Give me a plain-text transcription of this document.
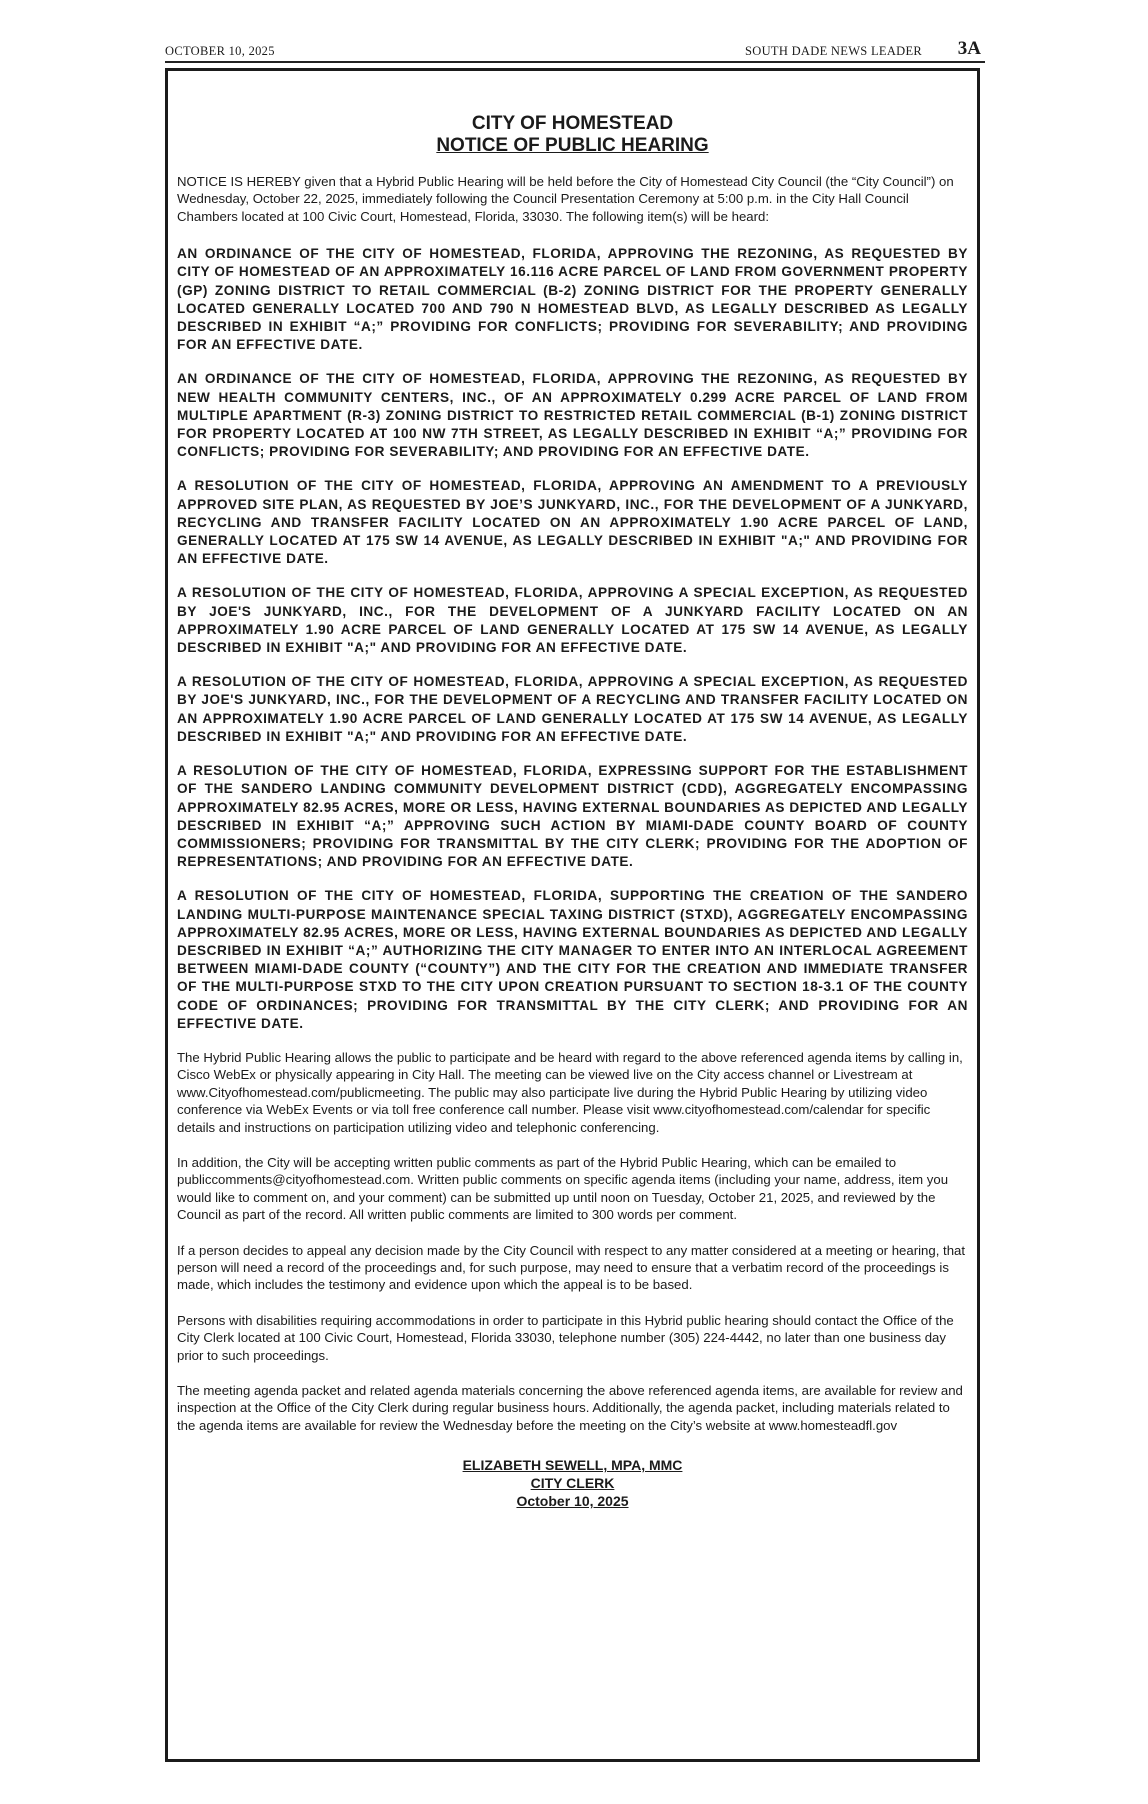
OCTOBER 10, 2025	SOUTH DADE NEWS LEADER 3A
CITY OF HOMESTEAD
NOTICE OF PUBLIC HEARING

NOTICE IS HEREBY given that a Hybrid Public Hearing will be held before the City of Homestead City Council (the “City Council”) on Wednesday, October 22, 2025, immediately following the Council Presentation Ceremony at 5:00 p.m. in the City Hall Council Chambers located at 100 Civic Court, Homestead, Florida, 33030. The following item(s) will be heard:

AN ORDINANCE OF THE CITY OF HOMESTEAD, FLORIDA, APPROVING THE REZONING, AS REQUESTED BY CITY OF HOMESTEAD OF AN APPROXIMATELY 16.116 ACRE PARCEL OF LAND FROM GOVERNMENT PROPERTY (GP) ZONING DISTRICT TO RETAIL COMMERCIAL (B-2) ZONING DISTRICT FOR THE PROPERTY GENERALLY LOCATED GENERALLY LOCATED 700 AND 790 N HOMESTEAD BLVD, AS LEGALLY DESCRIBED AS LEGALLY DESCRIBED IN EXHIBIT “A;” PROVIDING FOR CONFLICTS; PROVIDING FOR SEVERABILITY; AND PROVIDING FOR AN EFFECTIVE DATE.

AN ORDINANCE OF THE CITY OF HOMESTEAD, FLORIDA, APPROVING THE REZONING, AS REQUESTED BY NEW HEALTH COMMUNITY CENTERS, INC., OF AN APPROXIMATELY 0.299 ACRE PARCEL OF LAND FROM MULTIPLE APARTMENT (R-3) ZONING DISTRICT TO RESTRICTED RETAIL COMMERCIAL (B-1) ZONING DISTRICT FOR PROPERTY LOCATED AT 100 NW 7TH STREET, AS LEGALLY DESCRIBED IN EXHIBIT “A;” PROVIDING FOR CONFLICTS; PROVIDING FOR SEVERABILITY; AND PROVIDING FOR AN EFFECTIVE DATE.

A RESOLUTION OF THE CITY OF HOMESTEAD, FLORIDA, APPROVING AN AMENDMENT TO A PREVIOUSLY APPROVED SITE PLAN, AS REQUESTED BY JOE’S JUNKYARD, INC., FOR THE DEVELOPMENT OF A JUNKYARD, RECYCLING AND TRANSFER FACILITY LOCATED ON AN APPROXIMATELY 1.90 ACRE PARCEL OF LAND, GENERALLY LOCATED AT 175 SW 14 AVENUE, AS LEGALLY DESCRIBED IN EXHIBIT "A;" AND PROVIDING FOR AN EFFECTIVE DATE.

A RESOLUTION OF THE CITY OF HOMESTEAD, FLORIDA, APPROVING A SPECIAL EXCEPTION, AS REQUESTED BY JOE'S JUNKYARD, INC., FOR THE DEVELOPMENT OF A JUNKYARD FACILITY LOCATED ON AN APPROXIMATELY 1.90 ACRE PARCEL OF LAND GENERALLY LOCATED AT 175 SW 14 AVENUE, AS LEGALLY DESCRIBED IN EXHIBIT "A;" AND PROVIDING FOR AN EFFECTIVE DATE.

A RESOLUTION OF THE CITY OF HOMESTEAD, FLORIDA, APPROVING A SPECIAL EXCEPTION, AS REQUESTED BY JOE'S JUNKYARD, INC., FOR THE DEVELOPMENT OF A RECYCLING AND TRANSFER FACILITY LOCATED ON AN APPROXIMATELY 1.90 ACRE PARCEL OF LAND GENERALLY LOCATED AT 175 SW 14 AVENUE, AS LEGALLY DESCRIBED IN EXHIBIT "A;" AND PROVIDING FOR AN EFFECTIVE DATE.

A RESOLUTION OF THE CITY OF HOMESTEAD, FLORIDA, EXPRESSING SUPPORT FOR THE ESTABLISHMENT OF THE SANDERO LANDING COMMUNITY DEVELOPMENT DISTRICT (CDD), AGGREGATELY ENCOMPASSING APPROXIMATELY 82.95 ACRES, MORE OR LESS, HAVING EXTERNAL BOUNDARIES AS DEPICTED AND LEGALLY DESCRIBED IN EXHIBIT “A;” APPROVING SUCH ACTION BY MIAMI-DADE COUNTY BOARD OF COUNTY COMMISSIONERS; PROVIDING FOR TRANSMITTAL BY THE CITY CLERK; PROVIDING FOR THE ADOPTION OF REPRESENTATIONS; AND PROVIDING FOR AN EFFECTIVE DATE.

A RESOLUTION OF THE CITY OF HOMESTEAD, FLORIDA, SUPPORTING THE CREATION OF THE SANDERO LANDING MULTI-PURPOSE MAINTENANCE SPECIAL TAXING DISTRICT (STXD), AGGREGATELY ENCOMPASSING APPROXIMATELY 82.95 ACRES, MORE OR LESS, HAVING EXTERNAL BOUNDARIES AS DEPICTED AND LEGALLY DESCRIBED IN EXHIBIT “A;” AUTHORIZING THE CITY MANAGER TO ENTER INTO AN INTERLOCAL AGREEMENT BETWEEN MIAMI-DADE COUNTY (“COUNTY”) AND THE CITY FOR THE CREATION AND IMMEDIATE TRANSFER OF THE MULTI-PURPOSE STXD TO THE CITY UPON CREATION PURSUANT TO SECTION 18-3.1 OF THE COUNTY CODE OF ORDINANCES; PROVIDING FOR TRANSMITTAL BY THE CITY CLERK; AND PROVIDING FOR AN EFFECTIVE DATE.

The Hybrid Public Hearing allows the public to participate and be heard with regard to the above referenced agenda items by calling in, Cisco WebEx or physically appearing in City Hall. The meeting can be viewed live on the City access channel or Livestream at www.Cityofhomestead.com/publicmeeting. The public may also participate live during the Hybrid Public Hearing by utilizing video conference via WebEx Events or via toll free conference call number. Please visit www.cityofhomestead.com/calendar for specific details and instructions on participation utilizing video and telephonic conferencing.

In addition, the City will be accepting written public comments as part of the Hybrid Public Hearing, which can be emailed to publiccomments@cityofhomestead.com. Written public comments on specific agenda items (including your name, address, item you would like to comment on, and your comment) can be submitted up until noon on Tuesday, October 21, 2025, and reviewed by the Council as part of the record. All written public comments are limited to 300 words per comment.

If a person decides to appeal any decision made by the City Council with respect to any matter considered at a meeting or hearing, that person will need a record of the proceedings and, for such purpose, may need to ensure that a verbatim record of the proceedings is made, which includes the testimony and evidence upon which the appeal is to be based.

Persons with disabilities requiring accommodations in order to participate in this Hybrid public hearing should contact the Office of the City Clerk located at 100 Civic Court, Homestead, Florida 33030, telephone number (305) 224-4442, no later than one business day prior to such proceedings.

The meeting agenda packet and related agenda materials concerning the above referenced agenda items, are available for review and inspection at the Office of the City Clerk during regular business hours. Additionally, the agenda packet, including materials related to the agenda items are available for review the Wednesday before the meeting on the City’s website at www.homesteadfl.gov

ELIZABETH SEWELL, MPA, MMC

CITY CLERK

October 10, 2025
